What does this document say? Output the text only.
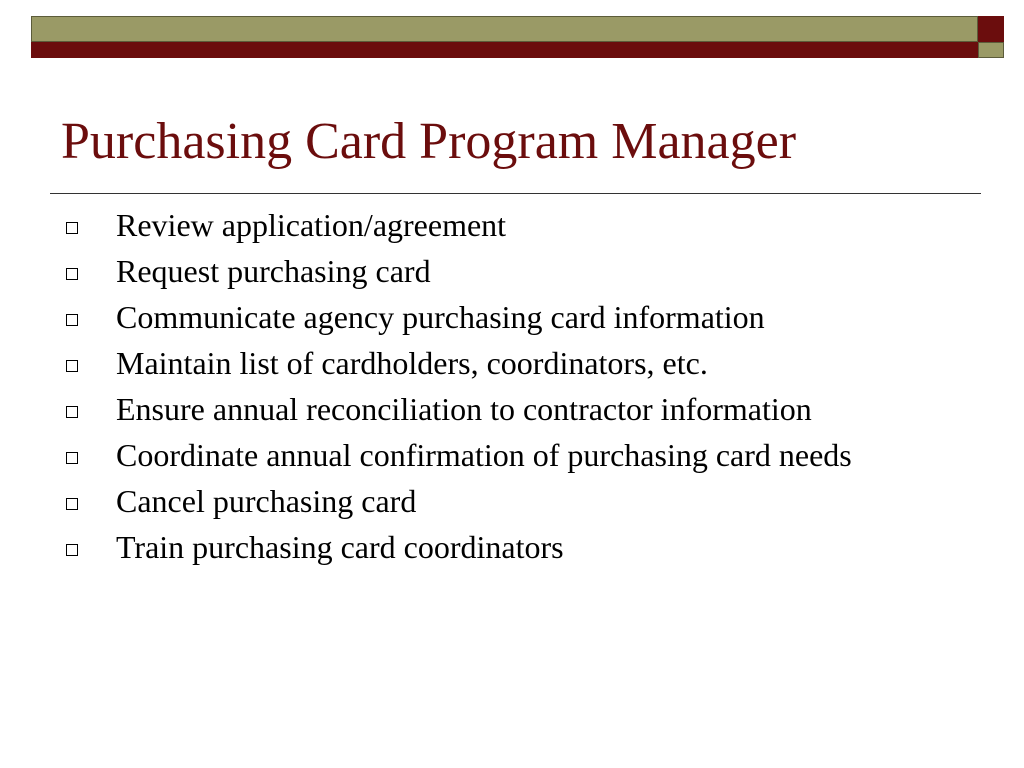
Purchasing Card Program Manager
Review application/agreement
Request purchasing card
Communicate agency purchasing card information
Maintain list of cardholders, coordinators, etc.
Ensure annual reconciliation to contractor information
Coordinate annual confirmation of purchasing card needs
Cancel purchasing card
Train purchasing card coordinators
